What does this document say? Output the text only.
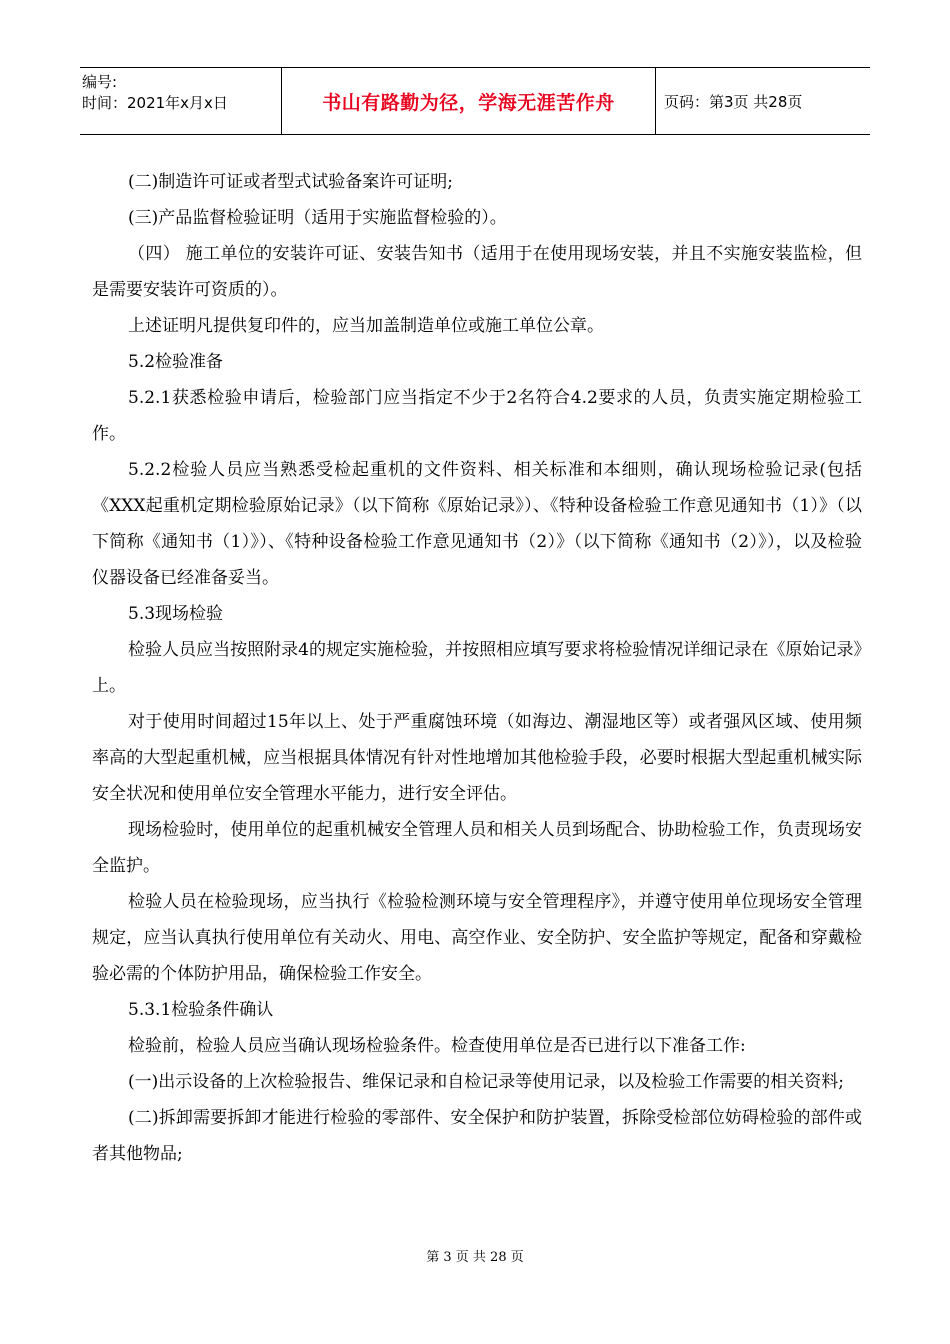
编号:
时间：2021年x月x日	书山有路勤为径，学海无涯苦作舟	页码：第3页 共28页

(二)制造许可证或者型式试验备案许可证明;

(三)产品监督检验证明（适用于实施监督检验的）。

（四） 施工单位的安装许可证、安装告知书（适用于在使用现场安装，并且不实施安装监检，但是需要安装许可资质的）。

上述证明凡提供复印件的，应当加盖制造单位或施工单位公章。

5.2检验准备

5.2.1获悉检验申请后，检验部门应当指定不少于2名符合4.2要求的人员，负责实施定期检验工作。

5.2.2检验人员应当熟悉受检起重机的文件资料、相关标准和本细则，确认现场检验记录(包括《XXX起重机定期检验原始记录》（以下简称《原始记录》）、《特种设备检验工作意见通知书（1）》（以下简称《通知书（1）》）、《特种设备检验工作意见通知书（2）》（以下简称《通知书（2）》），以及检验仪器设备已经准备妥当。

5.3现场检验

检验人员应当按照附录4的规定实施检验，并按照相应填写要求将检验情况详细记录在《原始记录》上。

对于使用时间超过15年以上、处于严重腐蚀环境（如海边、潮湿地区等）或者强风区域、使用频率高的大型起重机械，应当根据具体情况有针对性地增加其他检验手段，必要时根据大型起重机械实际安全状况和使用单位安全管理水平能力，进行安全评估。

现场检验时，使用单位的起重机械安全管理人员和相关人员到场配合、协助检验工作，负责现场安全监护。

检验人员在检验现场，应当执行《检验检测环境与安全管理程序》，并遵守使用单位现场安全管理规定，应当认真执行使用单位有关动火、用电、高空作业、安全防护、安全监护等规定，配备和穿戴检验必需的个体防护用品，确保检验工作安全。

5.3.1检验条件确认

检验前，检验人员应当确认现场检验条件。检查使用单位是否已进行以下准备工作:

(一)出示设备的上次检验报告、维保记录和自检记录等使用记录，以及检验工作需要的相关资料;

(二)拆卸需要拆卸才能进行检验的零部件、安全保护和防护装置，拆除受检部位妨碍检验的部件或者其他物品;

第 3 页 共 28 页
